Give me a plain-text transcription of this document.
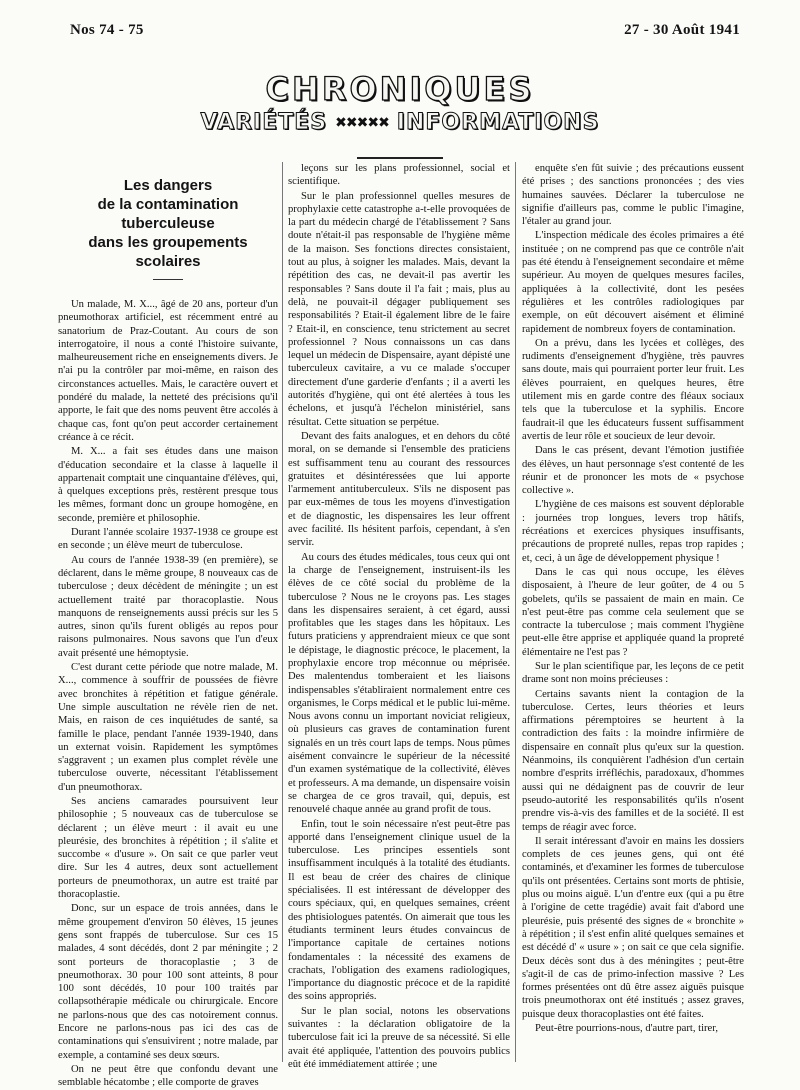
Nos 74 - 75	27 - 30 Août 1941
CHRONIQUES
VARIÉTÉS ✖✖✖✖✖ INFORMATIONS
Les dangers
de la contamination
tuberculeuse
dans les groupements scolaires

Un malade, M. X..., âgé de 20 ans, porteur d'un pneumothorax artificiel, est récemment entré au sanatorium de Praz-Coutant. Au cours de son interrogatoire, il nous a conté l'histoire suivante, malheureusement riche en enseignements divers. Je n'ai pu la contrôler par moi-même, en raison des circonstances actuelles. Mais, le caractère ouvert et pondéré du malade, la netteté des précisions qu'il apporte, le fait que des noms peuvent être accolés à chaque cas, font qu'on peut accorder certainement créance à ce récit.

M. X... a fait ses études dans une maison d'éducation secondaire et la classe à laquelle il appartenait comptait une cinquantaine d'élèves, qui, à quelques exceptions près, restèrent presque tous les mêmes, formant donc un groupe homogène, en seconde, première et philosophie.

Durant l'année scolaire 1937-1938 ce groupe est en seconde ; un élève meurt de tuberculose.

Au cours de l'année 1938-39 (en première), se déclarent, dans le même groupe, 8 nouveaux cas de tuberculose ; deux décèdent de méningite ; un est actuellement traité par thoracoplastie. Nous manquons de renseignements aussi précis sur les 5 autres, sinon qu'ils furent obligés au repos pour raisons pulmonaires. Nous savons que l'un d'eux avait présenté une hémoptysie.

C'est durant cette période que notre malade, M. X..., commence à souffrir de poussées de fièvre avec bronchites à répétition et fatigue générale. Une simple auscultation ne révèle rien de net. Mais, en raison de ces inquiétudes de santé, sa famille le place, pendant l'année 1939-1940, dans un externat voisin. Rapidement les symptômes s'aggravent ; un examen plus complet révèle une tuberculose ouverte, nécessitant l'établissement d'un pneumothorax.

Ses anciens camarades poursuivent leur philosophie ; 5 nouveaux cas de tuberculose se déclarent ; un élève meurt : il avait eu une pleurésie, des bronchites à répétition ; il s'alite et succombe « d'usure ». On sait ce que parler veut dire. Sur les 4 autres, deux sont actuellement porteurs de pneumothorax, un autre est traité par thoracoplastie.

Donc, sur un espace de trois années, dans le même groupement d'environ 50 élèves, 15 jeunes gens sont frappés de tuberculose. Sur ces 15 malades, 4 sont décédés, dont 2 par méningite ; 2 sont porteurs de thoracoplastie ; 3 de pneumothorax. 30 pour 100 sont atteints, 8 pour 100 sont décédés, 10 pour 100 traités par collapsothérapie médicale ou chirurgicale. Encore ne parlons-nous que des cas notoirement connus. Encore ne parlons-nous pas ici des cas de contaminations qui s'ensuivirent ; notre malade, par exemple, a contaminé ses deux sœurs.

On ne peut être que confondu devant une semblable hécatombe ; elle comporte de graves

leçons sur les plans professionnel, social et scientifique.

Sur le plan professionnel quelles mesures de prophylaxie cette catastrophe a-t-elle provoquées de la part du médecin chargé de l'établissement ? Sans doute n'était-il pas responsable de l'hygiène même de la maison. Ses fonctions directes consistaient, tout au plus, à soigner les malades. Mais, devant la répétition des cas, ne devait-il pas avertir les responsables ? Sans doute il l'a fait ; mais, plus au delà, ne pouvait-il dégager publiquement ses responsabilités ? Etait-il également libre de le faire ? Etait-il, en conscience, tenu strictement au secret professionnel ? Nous connaissons un cas dans lequel un médecin de Dispensaire, ayant dépisté une tuberculeux cavitaire, a vu ce malade s'occuper directement d'une garderie d'enfants ; il a averti les autorités d'hygiène, qui ont été alertées à tous les échelons, et jusqu'à l'échelon ministériel, sans résultat. Cette situation se perpétue.

Devant des faits analogues, et en dehors du côté moral, on se demande si l'ensemble des praticiens est suffisamment tenu au courant des ressources gratuites et désintéressées que lui apporte l'armement antituberculeux. S'ils ne disposent pas par eux-mêmes de tous les moyens d'investigation et de diagnostic, les dispensaires les leur offrent avec facilité. Ils hésitent parfois, cependant, à s'en servir.

Au cours des études médicales, tous ceux qui ont la charge de l'enseignement, instruisent-ils les élèves de ce côté social du problème de la tuberculose ? Nous ne le croyons pas. Les stages dans les dispensaires seraient, à cet égard, aussi profitables que les stages dans les hôpitaux. Les futurs praticiens y apprendraient mieux ce que sont le dépistage, le diagnostic précoce, le placement, la prophylaxie encore trop méconnue ou méprisée. Des malentendus tomberaient et les liaisons indispensables s'établiraient normalement entre ces organismes, le Corps médical et le public lui-même. Nous avons connu un important noviciat religieux, où plusieurs cas graves de contamination furent signalés en un très court laps de temps. Nous pûmes aisément convaincre le supérieur de la nécessité d'un examen systématique de la collectivité, élèves et professeurs. A ma demande, un dispensaire voisin se chargea de ce gros travail, qui, depuis, est renouvelé chaque année au grand profit de tous.

Enfin, tout le soin nécessaire n'est peut-être pas apporté dans l'enseignement clinique usuel de la tuberculose. Les principes essentiels sont insuffisamment inculqués à la totalité des étudiants. Il est beau de créer des chaires de clinique spécialisées. Il est intéressant de développer des cours spéciaux, qui, en quelques semaines, créent des phtisiologues patentés. On aimerait que tous les étudiants terminent leurs études convaincus de l'importance capitale de certaines notions fondamentales : la nécessité des examens de crachats, l'obligation des examens radiologiques, l'importance du diagnostic précoce et de la rapidité des soins appropriés.

Sur le plan social, notons les observations suivantes : la déclaration obligatoire de la tuberculose fait ici la preuve de sa nécessité. Si elle avait été appliquée, l'attention des pouvoirs publics eût été immédiatement attirée ; une

enquête s'en fût suivie ; des précautions eussent été prises ; des sanctions prononcées ; des vies humaines sauvées. Déclarer la tuberculose ne signifie d'ailleurs pas, comme le public l'imagine, l'étaler au grand jour.

L'inspection médicale des écoles primaires a été instituée ; on ne comprend pas que ce contrôle n'ait pas été étendu à l'enseignement secondaire et même supérieur. Au moyen de quelques mesures faciles, appliquées à la collectivité, dont les pesées régulières et les contrôles radiologiques par exemple, on eût découvert aisément et éliminé rapidement de nombreux foyers de contamination.

On a prévu, dans les lycées et collèges, des rudiments d'enseignement d'hygiène, très pauvres sans doute, mais qui pourraient porter leur fruit. Les élèves pourraient, en quelques heures, être utilement mis en garde contre des fléaux sociaux tels que la tuberculose et la syphilis. Encore faudrait-il que les éducateurs fussent suffisamment avertis de leur rôle et soucieux de leur devoir.

Dans le cas présent, devant l'émotion justifiée des élèves, un haut personnage s'est contenté de les réunir et de prononcer les mots de « psychose collective ».

L'hygiène de ces maisons est souvent déplorable : journées trop longues, levers trop hâtifs, récréations et exercices physiques insuffisants, précautions de propreté nulles, repas trop rapides ; et, ceci, à un âge de développement physique !

Dans le cas qui nous occupe, les élèves disposaient, à l'heure de leur goûter, de 4 ou 5 gobelets, qu'ils se passaient de main en main. Ce n'est peut-être pas comme cela seulement que se contracte la tuberculose ; mais comment l'hygiène peut-elle être apprise et appliquée quand la propreté élémentaire ne l'est pas ?

Sur le plan scientifique par, les leçons de ce petit drame sont non moins précieuses :

Certains savants nient la contagion de la tuberculose. Certes, leurs théories et leurs affirmations péremptoires se heurtent à la contradiction des faits : la moindre infirmière de dispensaire en connaît plus qu'eux sur la question. Néanmoins, ils conquièrent l'adhésion d'un certain nombre d'esprits irréfléchis, paradoxaux, d'hommes aussi qui ne dédaignent pas de couvrir de leur pseudo-autorité les responsabilités qu'ils n'osent prendre vis-à-vis des familles et de la société. Il est temps de réagir avec force.

Il serait intéressant d'avoir en mains les dossiers complets de ces jeunes gens, qui ont été contaminés, et d'examiner les formes de tuberculose qu'ils ont présentées. Certains sont morts de phtisie, plus ou moins aiguë. L'un d'entre eux (qui a pu être à l'origine de cette tragédie) avait fait d'abord une pleurésie, puis présenté des signes de « bronchite » à répétition ; il s'est enfin alité quelques semaines et est décédé d' « usure » ; on sait ce que cela signifie. Deux décès sont dus à des méningites ; peut-être s'agit-il de cas de primo-infection massive ? Les formes présentées ont dû être assez aiguës puisque trois pneumothorax ont été institués ; assez graves, puisque deux thoracoplasties ont été faites.

Peut-être pourrions-nous, d'autre part, tirer,
